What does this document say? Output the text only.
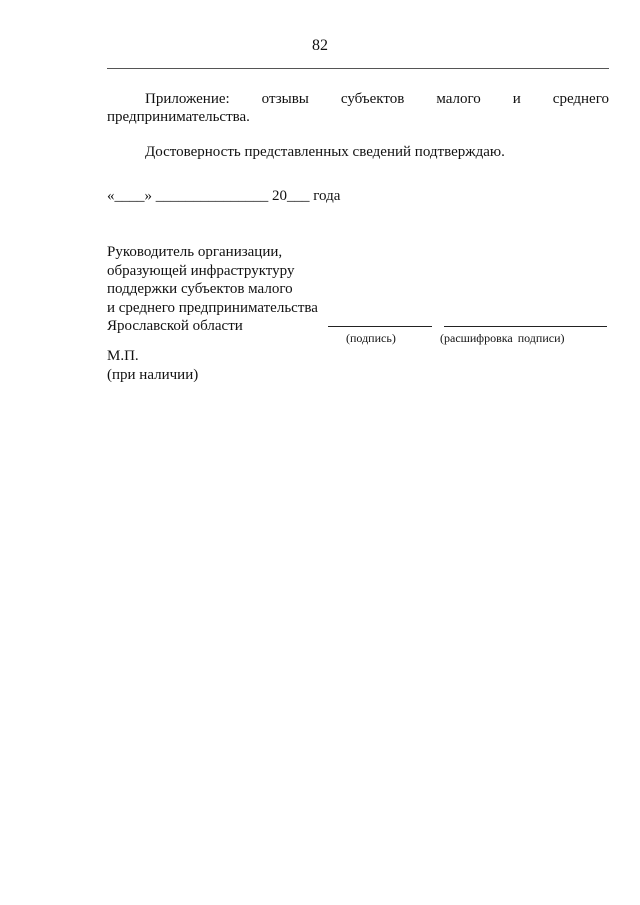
82

Приложение: отзывы субъектов малого и среднего предпринимательства.

Достоверность представленных сведений подтверждаю.

«____» _______________ 20___ года

Руководитель организации,
образующей инфраструктуру
поддержки субъектов малого
и среднего предпринимательства
Ярославской области
(подпись)	(расшифровка подписи)
М.П.
(при наличии)
